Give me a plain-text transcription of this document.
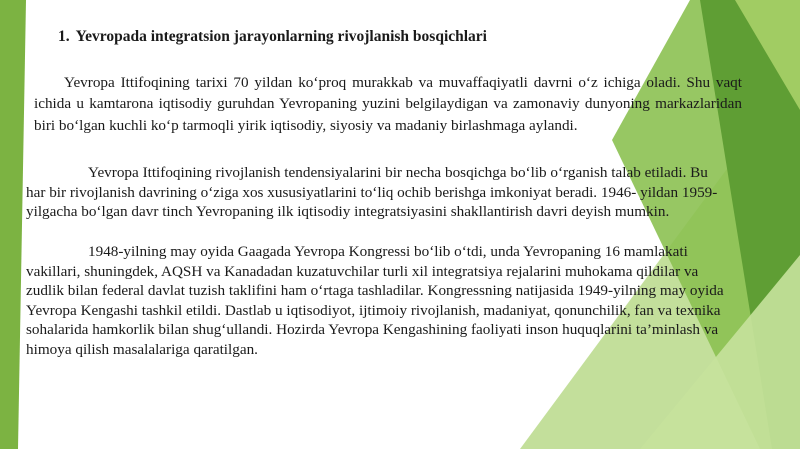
1. Yevropada integratsion jarayonlarning rivojlanish bosqichlari

Yevropa Ittifoqining tarixi 70 yildan ko‘proq murakkab va muvaffaqiyatli davrni o‘z ichiga oladi. Shu vaqt ichida u kamtarona iqtisodiy guruhdan Yevropaning yuzini belgilaydigan va zamonaviy dunyoning markazlaridan biri bo‘lgan kuchli ko‘p tarmoqli yirik iqtisodiy, siyosiy va madaniy birlashmaga aylandi.

Yevropa Ittifoqining rivojlanish tendensiyalarini bir necha bosqichga bo‘lib o‘rganish talab etiladi. Bu har bir rivojlanish davrining o‘ziga xos xususiyatlarini to‘liq ochib berishga imkoniyat beradi. 1946- yildan 1959-yilgacha bo‘lgan davr tinch Yevropaning ilk iqtisodiy integratsiyasini shakllantirish davri deyish mumkin.

1948-yilning may oyida Gaagada Yevropa Kongressi bo‘lib o‘tdi, unda Yevropaning 16 mamlakati vakillari, shuningdek, AQSH va Kanadadan kuzatuvchilar turli xil integratsiya rejalarini muhokama qildilar va zudlik bilan federal davlat tuzish taklifini ham o‘rtaga tashladilar. Kongressning natijasida 1949-yilning may oyida Yevropa Kengashi tashkil etildi. Dastlab u iqtisodiyot, ijtimoiy rivojlanish, madaniyat, qonunchilik, fan va texnika sohalarida hamkorlik bilan shug‘ullandi. Hozirda Yevropa Kengashining faoliyati inson huquqlarini ta’minlash va himoya qilish masalalariga qaratilgan.
